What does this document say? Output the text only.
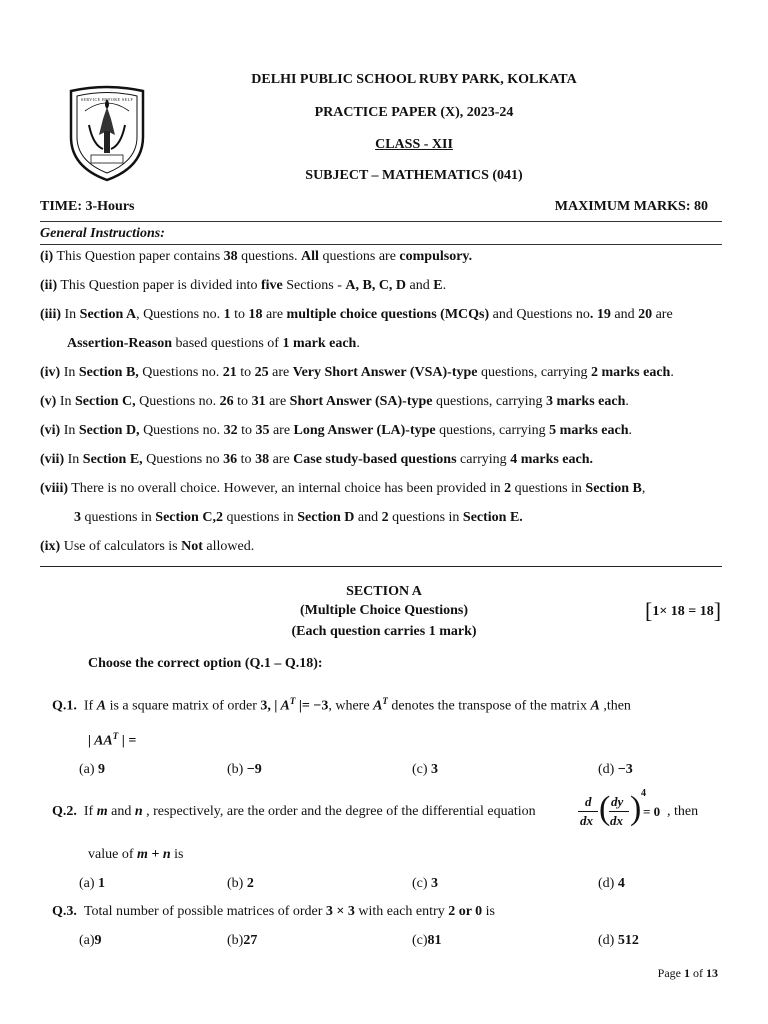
SERVICE BEFORE SELF
DELHI PUBLIC SCHOOL RUBY PARK, KOLKATA
PRACTICE PAPER (X), 2023-24
CLASS - XII
SUBJECT – MATHEMATICS (041)
TIME: 3-Hours	MAXIMUM MARKS: 80
General Instructions:
(i) This Question paper contains 38 questions. All questions are compulsory.
(ii) This Question paper is divided into five Sections - A, B, C, D and E.
(iii) In Section A, Questions no. 1 to 18 are multiple choice questions (MCQs) and Questions no. 19 and 20 are
Assertion-Reason based questions of 1 mark each.
(iv) In Section B, Questions no. 21 to 25 are Very Short Answer (VSA)-type questions, carrying 2 marks each.
(v) In Section C, Questions no. 26 to 31 are Short Answer (SA)-type questions, carrying 3 marks each.
(vi) In Section D, Questions no. 32 to 35 are Long Answer (LA)-type questions, carrying 5 marks each.
(vii) In Section E, Questions no 36 to 38 are Case study-based questions carrying 4 marks each.
(viii) There is no overall choice. However, an internal choice has been provided in 2 questions in Section B,
3 questions in Section C,2 questions in Section D and 2 questions in Section E.
(ix) Use of calculators is Not allowed.
SECTION A
(Multiple Choice Questions)
(Each question carries 1 mark)
[1× 18 = 18]
Choose the correct option (Q.1 – Q.18):
Q.1. If A is a square matrix of order 3, | $A^T$ |= −3, where $A^T$ denotes the transpose of the matrix A ,then
| $AA^T$ | =
(a) 9	(b) −9	(c) 3	(d) −3
Q.2. If m and n , respectively, are the order and the degree of the differential equation
d
dx ( dy
dx ) 4
= 0 , then
value of m + n is
(a) 1	(b) 2	(c) 3	(d) 4
Q.3. Total number of possible matrices of order 3 × 3 with each entry 2 or 0 is
(a)9	(b)27	(c)81	(d) 512
Page 1 of 13
